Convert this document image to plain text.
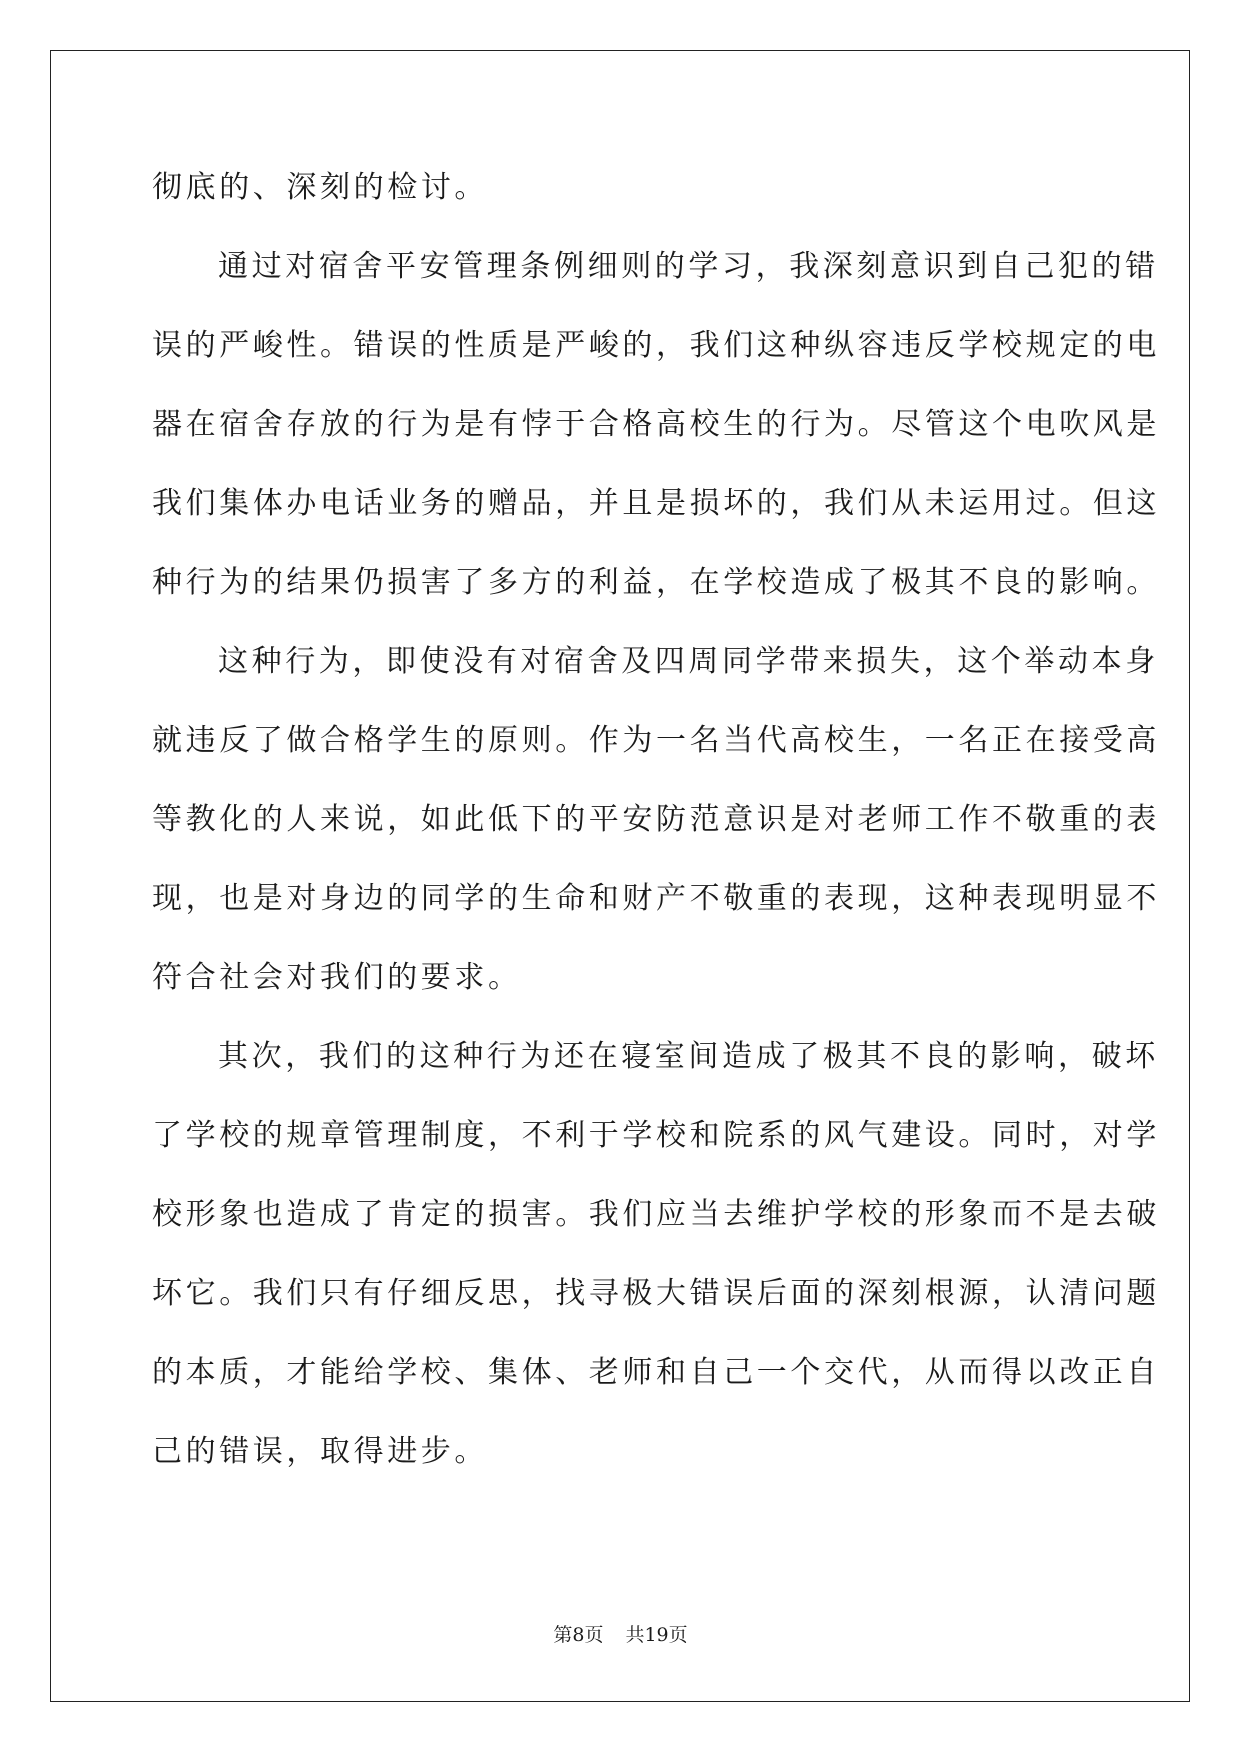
彻底的、深刻的检讨。
通过对宿舍平安管理条例细则的学习，我深刻意识到自己犯的错
误的严峻性。错误的性质是严峻的，我们这种纵容违反学校规定的电
器在宿舍存放的行为是有悖于合格高校生的行为。尽管这个电吹风是
我们集体办电话业务的赠品，并且是损坏的，我们从未运用过。但这
种行为的结果仍损害了多方的利益，在学校造成了极其不良的影响。
这种行为，即使没有对宿舍及四周同学带来损失，这个举动本身
就违反了做合格学生的原则。作为一名当代高校生，一名正在接受高
等教化的人来说，如此低下的平安防范意识是对老师工作不敬重的表
现，也是对身边的同学的生命和财产不敬重的表现，这种表现明显不
符合社会对我们的要求。
其次，我们的这种行为还在寝室间造成了极其不良的影响，破坏
了学校的规章管理制度，不利于学校和院系的风气建设。同时，对学
校形象也造成了肯定的损害。我们应当去维护学校的形象而不是去破
坏它。我们只有仔细反思，找寻极大错误后面的深刻根源，认清问题
的本质，才能给学校、集体、老师和自己一个交代，从而得以改正自
己的错误，取得进步。
第8页 共19页
